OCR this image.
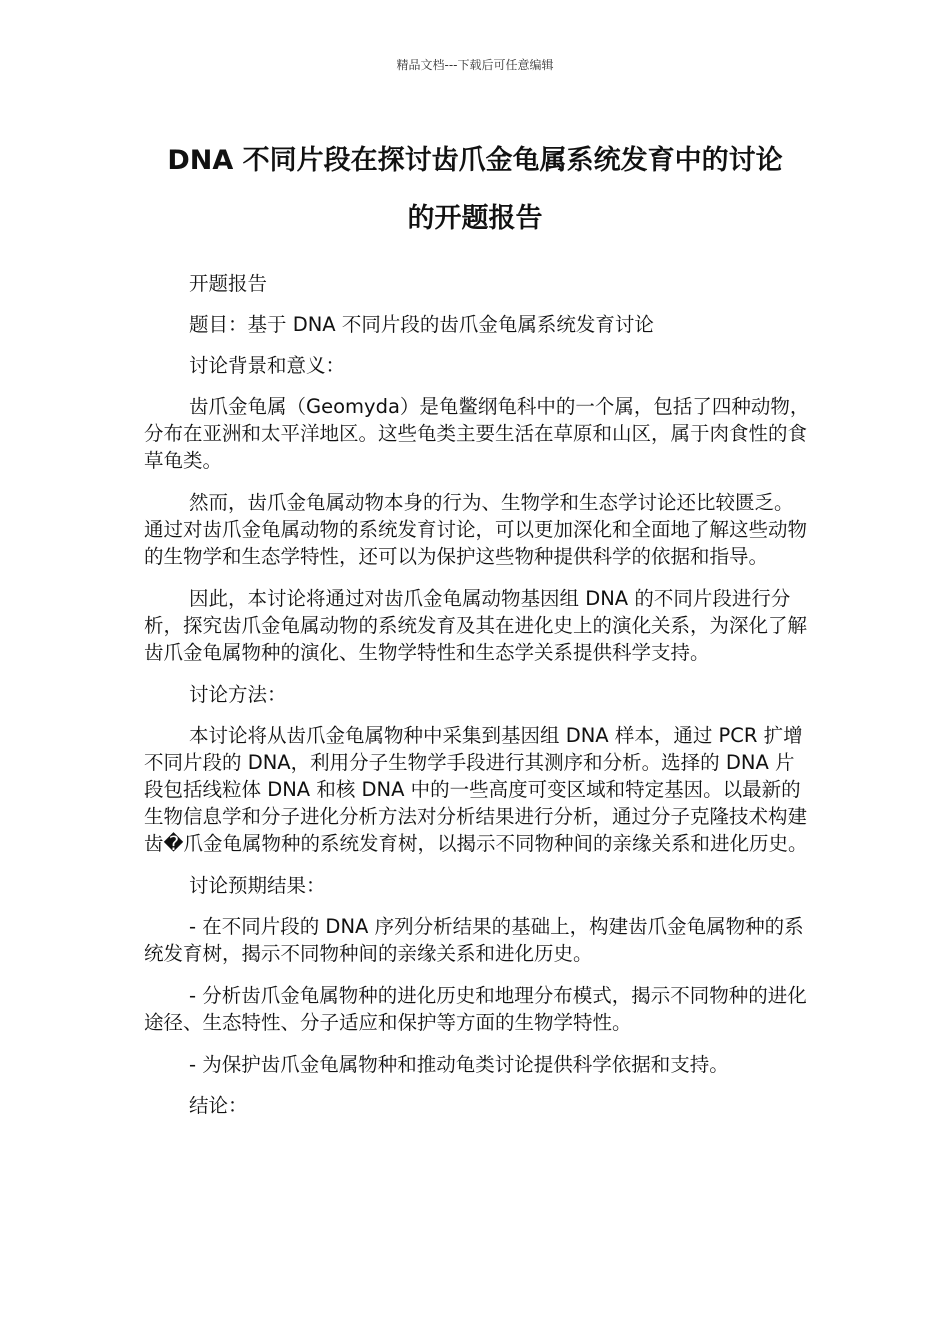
精品文档---下载后可任意编辑
DNA 不同片段在探讨齿爪金龟属系统发育中的讨论
的开题报告

开题报告

题目：基于 DNA 不同片段的齿爪金龟属系统发育讨论

讨论背景和意义：

齿爪金龟属（Geomyda）是龟鳖纲龟科中的一个属，包括了四种动物，分布在亚洲和太平洋地区。这些龟类主要生活在草原和山区，属于肉食性的食草龟类。

然而，齿爪金龟属动物本身的行为、生物学和生态学讨论还比较匮乏。通过对齿爪金龟属动物的系统发育讨论，可以更加深化和全面地了解这些动物的生物学和生态学特性，还可以为保护这些物种提供科学的依据和指导。

因此，本讨论将通过对齿爪金龟属动物基因组 DNA 的不同片段进行分析，探究齿爪金龟属动物的系统发育及其在进化史上的演化关系，为深化了解齿爪金龟属物种的演化、生物学特性和生态学关系提供科学支持。

讨论方法：

本讨论将从齿爪金龟属物种中采集到基因组 DNA 样本，通过 PCR 扩增不同片段的 DNA，利用分子生物学手段进行其测序和分析。选择的 DNA 片段包括线粒体 DNA 和核 DNA 中的一些高度可变区域和特定基因。以最新的生物信息学和分子进化分析方法对分析结果进行分析，通过分子克隆技术构建齿�爪金龟属物种的系统发育树，以揭示不同物种间的亲缘关系和进化历史。

讨论预期结果：

- 在不同片段的 DNA 序列分析结果的基础上，构建齿爪金龟属物种的系统发育树，揭示不同物种间的亲缘关系和进化历史。

- 分析齿爪金龟属物种的进化历史和地理分布模式，揭示不同物种的进化途径、生态特性、分子适应和保护等方面的生物学特性。

- 为保护齿爪金龟属物种和推动龟类讨论提供科学依据和支持。

结论：
